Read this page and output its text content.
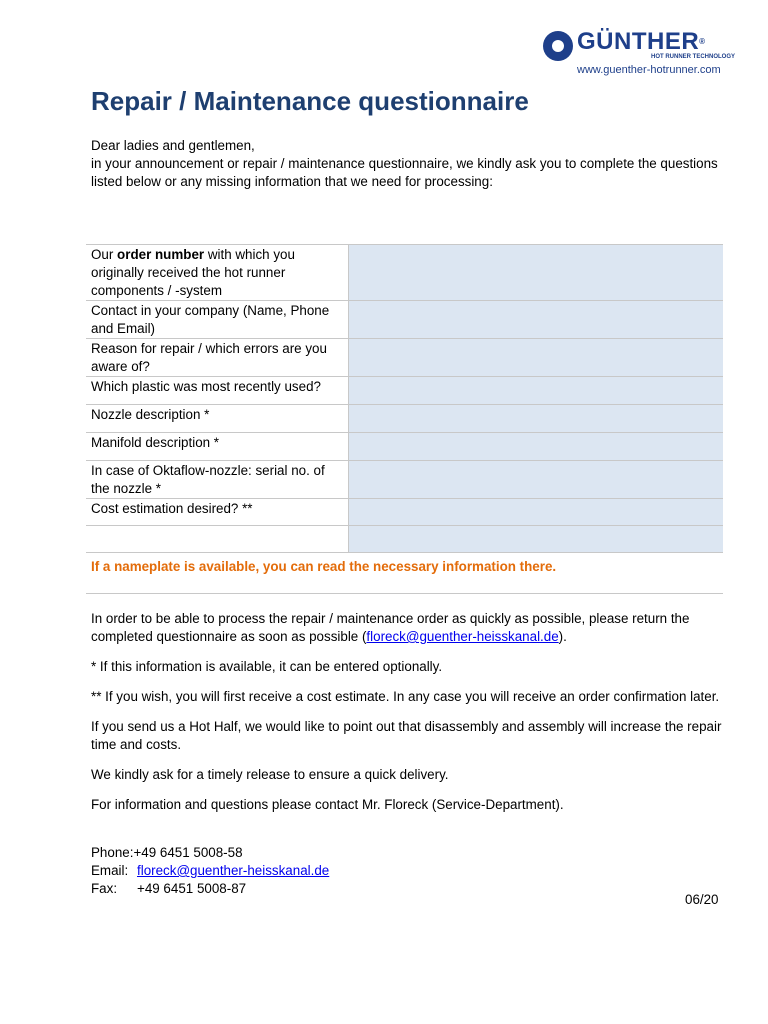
GÜNTHER®
HOT RUNNER TECHNOLOGY
www.guenther-hotrunner.com
Repair / Maintenance questionnaire

Dear ladies and gentlemen,

in your announcement or repair / maintenance questionnaire, we kindly ask you to complete the questions listed below or any missing information that we need for processing:

Our order number with which you originally received the hot runner components / -system	
Contact in your company (Name, Phone and Email)	
Reason for repair / which errors are you aware of?	
Which plastic was most recently used?	
Nozzle description *	
Manifold description *	
In case of Oktaflow-nozzle: serial no. of the nozzle *	
Cost estimation desired? **	

If a nameplate is available, you can read the necessary information there.

In order to be able to process the repair / maintenance order as quickly as possible, please return the completed questionnaire as soon as possible (floreck@guenther-heisskanal.de).

* If this information is available, it can be entered optionally.

** If you wish, you will first receive a cost estimate. In any case you will receive an order confirmation later.

If you send us a Hot Half, we would like to point out that disassembly and assembly will increase the repair time and costs.

We kindly ask for a timely release to ensure a quick delivery.

For information and questions please contact Mr. Floreck (Service-Department).

Phone:+49 6451 5008-58
Email: floreck@guenther-heisskanal.de
Fax: +49 6451 5008-87
06/20
